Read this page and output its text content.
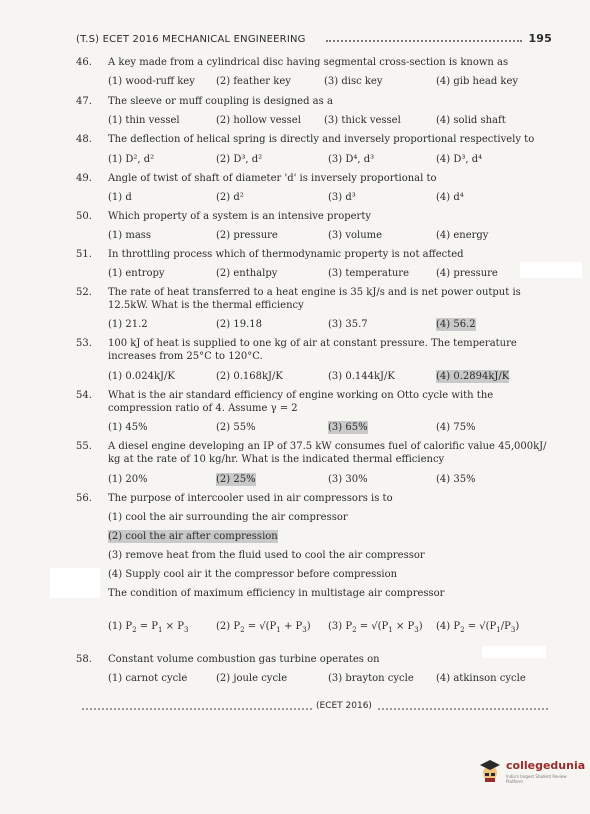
(T.S) ECET 2016 MECHANICAL ENGINEERING	195
46. A key made from a cylindrical disc having segmental cross-section is known as
(1) wood-ruff key (2) feather key	(3) disc key	(4) gib head key
47. The sleeve or muff coupling is designed as a
(1) thin vessel	(2) hollow vessel (3) thick vessel	(4) solid shaft
48. The deflection of helical spring is directly and inversely proportional respectively to
(1) D², d²	(2) D³, d²	(3) D⁴, d³	(4) D³, d⁴
49. Angle of twist of shaft of diameter 'd' is inversely proportional to
(1) d	(2) d²	(3) d³	(4) d⁴
50. Which property of a system is an intensive property
(1) mass	(2) pressure	(3) volume	(4) energy
51. In throttling process which of thermodynamic property is not affected
(1) entropy	(2) enthalpy	(3) temperature	(4) pressure
52. The rate of heat transferred to a heat engine is 35 kJ/s and is net power output is
12.5kW. What is the thermal efficiency
(1) 21.2	(2) 19.18	(3) 35.7	(4) 56.2
53. 100 kJ of heat is supplied to one kg of air at constant pressure. The temperature
increases from 25°C to 120°C.
(1) 0.024kJ/K	(2) 0.168kJ/K	(3) 0.144kJ/K	(4) 0.2894kJ/K
54. What is the air standard efficiency of engine working on Otto cycle with the
compression ratio of 4. Assume γ = 2
(1) 45%	(2) 55%	(3) 65%	(4) 75%
55. A diesel engine developing an IP of 37.5 kW consumes fuel of calorific value 45,000kJ/
kg at the rate of 10 kg/hr. What is the indicated thermal efficiency
(1) 20%	(2) 25%	(3) 30%	(4) 35%
56. The purpose of intercooler used in air compressors is to
(1) cool the air surrounding the air compressor
(2) cool the air after compression
(3) remove heat from the fluid used to cool the air compressor
(4) Supply cool air it the compressor before compression
The condition of maximum efficiency in multistage air compressor
(1) $P_2 = P_1 \times P_3$	(2) $P_2 = √(P_1 + P_3)$ (3) $P_2 = √(P_1 \times P_3)$ (4) $P_2 = √(P_1/P_3)$
58. Constant volume combustion gas turbine operates on
(1) carnot cycle	(2) joule cycle	(3) brayton cycle (4) atkinson cycle
(ECET 2016)
collegedunia
India's largest Student Review Platform
